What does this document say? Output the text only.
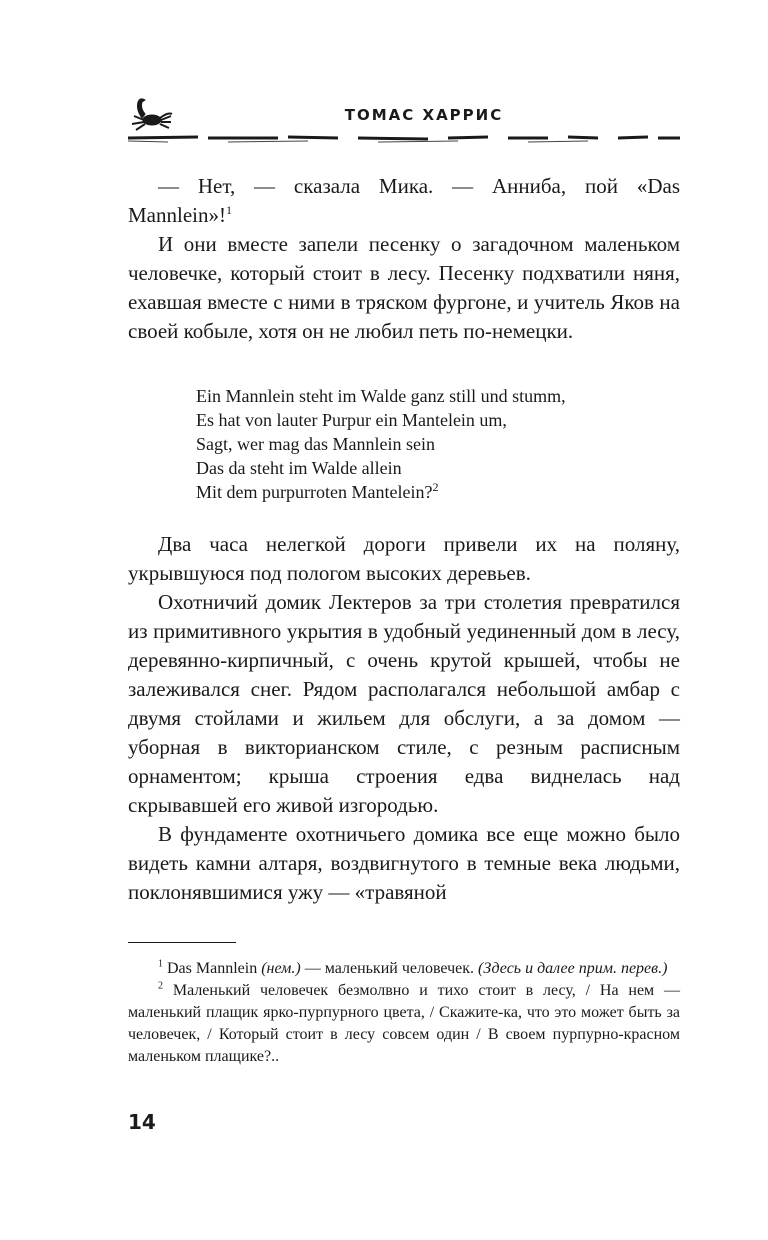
ТОМАС ХАРРИС

— Нет, — сказала Мика. — Анниба, пой «Das Mannlein»!$^1$

И они вместе запели песенку о загадочном маленьком человечке, который стоит в лесу. Песенку подхватили няня, ехавшая вместе с ними в тряском фургоне, и учитель Яков на своей кобыле, хотя он не любил петь по-немецки.

Ein Mannlein steht im Walde ganz still und stumm,
Es hat von lauter Purpur ein Mantelein um,
Sagt, wer mag das Mannlein sein
Das da steht im Walde allein
Mit dem purpurroten Mantelein?$^2$

Два часа нелегкой дороги привели их на поляну, укрывшуюся под пологом высоких деревьев.

Охотничий домик Лектеров за три столетия превратился из примитивного укрытия в удобный уединенный дом в лесу, деревянно-кирпичный, с очень крутой крышей, чтобы не залеживался снег. Рядом располагался небольшой амбар с двумя стойлами и жильем для обслуги, а за домом — уборная в викторианском стиле, с резным расписным орнаментом; крыша строения едва виднелась над скрывавшей его живой изгородью.

В фундаменте охотничьего домика все еще можно было видеть камни алтаря, воздвигнутого в темные века людьми, поклонявшимися ужу — «травяной

$^1$ Das Mannlein (нем.) — маленький человечек. (Здесь и далее прим. перев.)

$^2$ Маленький человечек безмолвно и тихо стоит в лесу, / На нем — маленький плащик ярко-пурпурного цвета, / Скажите-ка, что это может быть за человечек, / Который стоит в лесу совсем один / В своем пурпурно-красном маленьком плащике?..

14
